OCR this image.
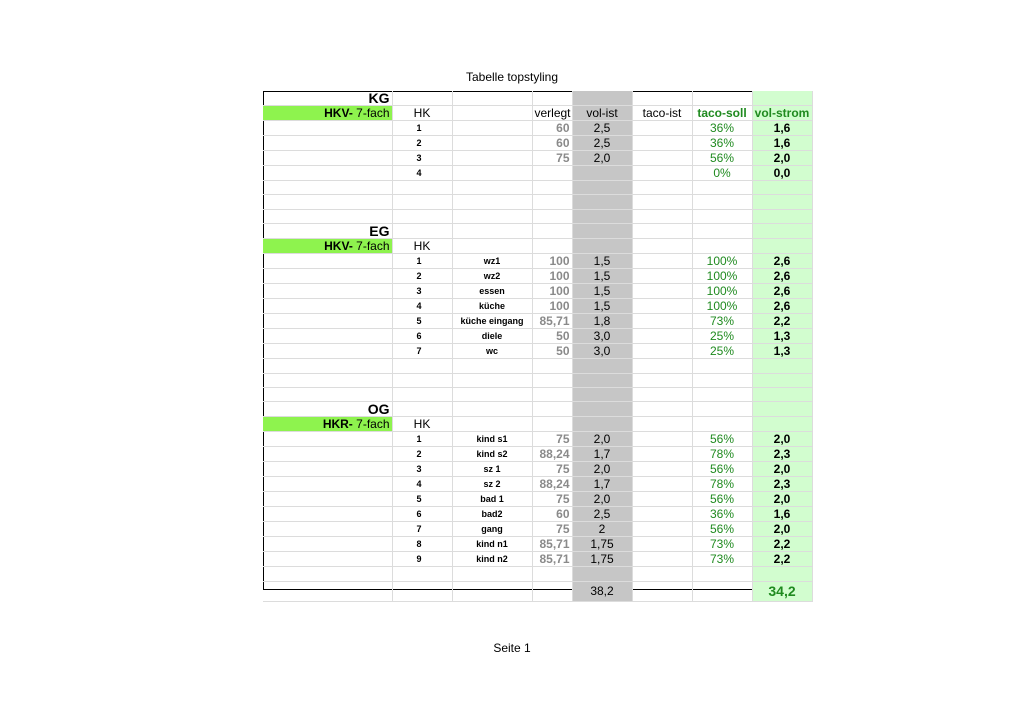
Tabelle topstyling
KG							
HKV- 7-fach	HK		verlegt	vol-ist	taco-ist	taco-soll	vol-strom
	1		60	2,5		36%	1,6
	2		60	2,5		36%	1,6
	3		75	2,0		56%	2,0
	4					0%	0,0

EG							
HKV- 7-fach	HK						
	1	wz1	100	1,5		100%	2,6
	2	wz2	100	1,5		100%	2,6
	3	essen	100	1,5		100%	2,6
	4	küche	100	1,5		100%	2,6
	5	küche eingang	85,71	1,8		73%	2,2
	6	diele	50	3,0		25%	1,3
	7	wc	50	3,0		25%	1,3

OG							
HKR- 7-fach	HK						
	1	kind s1	75	2,0		56%	2,0
	2	kind s2	88,24	1,7		78%	2,3
	3	sz 1	75	2,0		56%	2,0
	4	sz 2	88,24	1,7		78%	2,3
	5	bad 1	75	2,0		56%	2,0
	6	bad2	60	2,5		36%	1,6
	7	gang	75	2		56%	2,0
	8	kind n1	85,71	1,75		73%	2,2
	9	kind n2	85,71	1,75		73%	2,2

				38,2			34,2
Seite 1
